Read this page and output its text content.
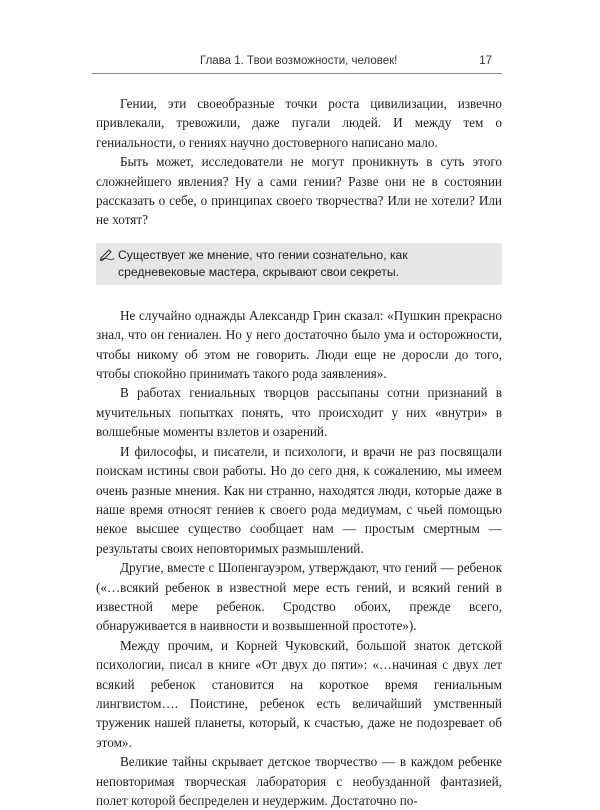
Глава 1. Твои возможности, человек!	17

Гении, эти своеобразные точки роста цивилизации, извечно привлекали, тревожили, даже пугали людей. И между тем о гениальности, о гениях научно достоверного написано мало.

Быть может, исследователи не могут проникнуть в суть этого сложнейшего явления? Ну а сами гении? Разве они не в состоянии рассказать о себе, о принципах своего творчества? Или не хотели? Или не хотят?

Существует же мнение, что гении сознательно, как средневековые мастера, скрывают свои секреты.

Не случайно однажды Александр Грин сказал: «Пушкин прекрасно знал, что он гениален. Но у него достаточно было ума и осторожности, чтобы никому об этом не говорить. Люди еще не доросли до того, чтобы спокойно принимать такого рода заявления».

В работах гениальных творцов рассыпаны сотни признаний в мучительных попытках понять, что происходит у них «внутри» в волшебные моменты взлетов и озарений.

И философы, и писатели, и психологи, и врачи не раз посвящали поискам истины свои работы. Но до сего дня, к сожалению, мы имеем очень разные мнения. Как ни странно, находятся люди, которые даже в наше время относят гениев к своего рода медиумам, с чьей помощью некое высшее существо сообщает нам — простым смертным — результаты своих неповторимых размышлений.

Другие, вместе с Шопенгауэром, утверждают, что гений — ребенок («…всякий ребенок в известной мере есть гений, и всякий гений в известной мере ребенок. Сродство обоих, прежде всего, обнаруживается в наивности и возвышенной простоте»).

Между прочим, и Корней Чуковский, большой знаток детской психологии, писал в книге «От двух до пяти»: «…начиная с двух лет всякий ребенок становится на короткое время гениальным лингвистом…. Поистине, ребенок есть величайший умственный труженик нашей планеты, который, к счастью, даже не подозревает об этом».

Великие тайны скрывает детское творчество — в каждом ребенке неповторимая творческая лаборатория с необузданной фантазией, полет которой беспределен и неудержим. Достаточно по-
